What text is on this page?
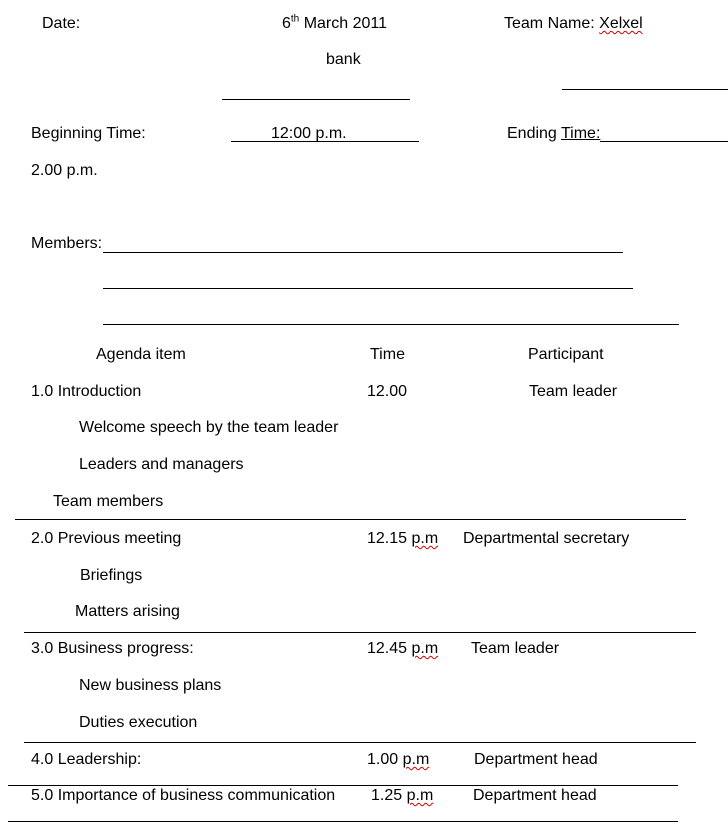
Date:	6th March 2011	Team Name: Xelxel
bank
Beginning Time:	12:00 p.m.	Ending Time:
2.00 p.m.
Members:
Agenda item	Time	Participant
1.0 Introduction	12.00	Team leader
Welcome speech by the team leader
Leaders and managers
Team members
2.0 Previous meeting	12.15 p.m Departmental secretary
Briefings
Matters arising
3.0 Business progress:	12.45 p.m Team leader
New business plans
Duties execution
4.0 Leadership:	1.00 p.m	Department head
5.0 Importance of business communication 1.25 p.m Department head
